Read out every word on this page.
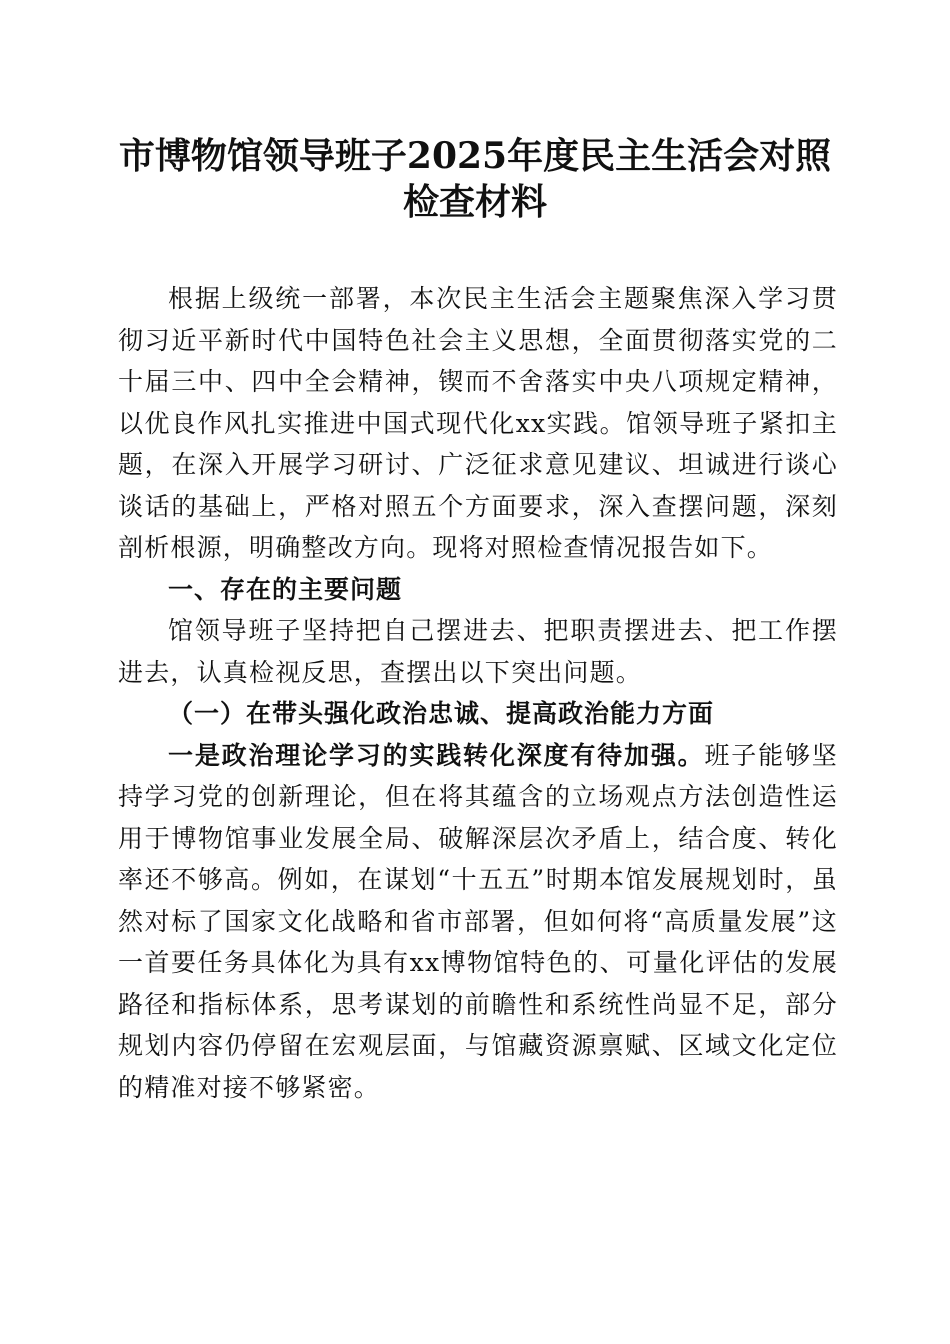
市博物馆领导班子2025年度民主生活会对照
检查材料

根据上级统一部署，本次民主生活会主题聚焦深入学习贯彻习近平新时代中国特色社会主义思想，全面贯彻落实党的二十届三中、四中全会精神，锲而不舍落实中央八项规定精神，以优良作风扎实推进中国式现代化xx实践。馆领导班子紧扣主题，在深入开展学习研讨、广泛征求意见建议、坦诚进行谈心谈话的基础上，严格对照五个方面要求，深入查摆问题，深刻剖析根源，明确整改方向。现将对照检查情况报告如下。

一、存在的主要问题

馆领导班子坚持把自己摆进去、把职责摆进去、把工作摆进去，认真检视反思，查摆出以下突出问题。

（一）在带头强化政治忠诚、提高政治能力方面

一是政治理论学习的实践转化深度有待加强。班子能够坚持学习党的创新理论，但在将其蕴含的立场观点方法创造性运用于博物馆事业发展全局、破解深层次矛盾上，结合度、转化率还不够高。例如，在谋划“十五五”时期本馆发展规划时，虽然对标了国家文化战略和省市部署，但如何将“高质量发展”这一首要任务具体化为具有xx博物馆特色的、可量化评估的发展路径和指标体系，思考谋划的前瞻性和系统性尚显不足，部分规划内容仍停留在宏观层面，与馆藏资源禀赋、区域文化定位的精准对接不够紧密。
